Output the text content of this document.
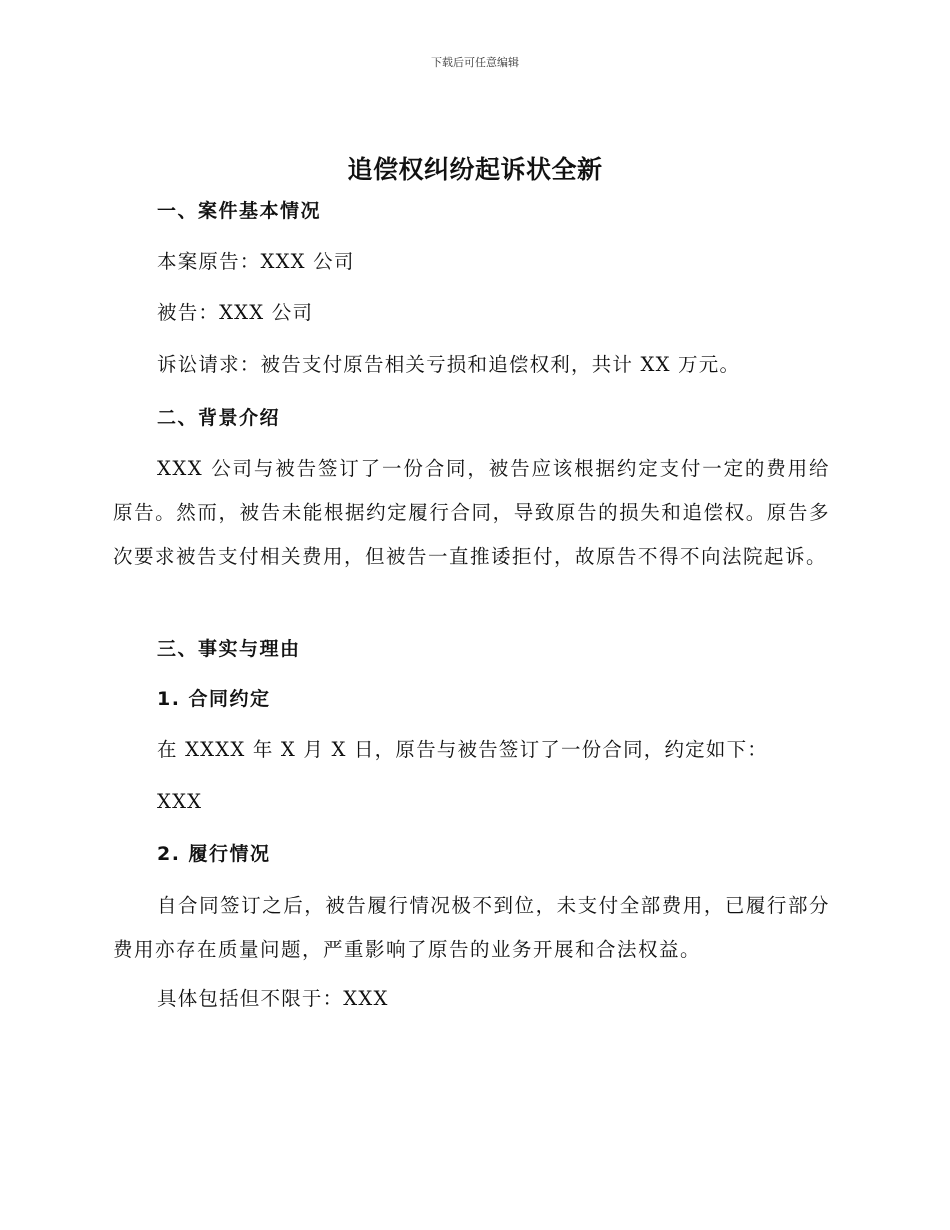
下载后可任意编辑
追偿权纠纷起诉状全新
一、案件基本情况
本案原告：XXX 公司
被告：XXX 公司
诉讼请求：被告支付原告相关亏损和追偿权利，共计 XX 万元。
二、背景介绍

XXX 公司与被告签订了一份合同，被告应该根据约定支付一定的费用给原告。然而，被告未能根据约定履行合同，导致原告的损失和追偿权。原告多次要求被告支付相关费用，但被告一直推诿拒付，故原告不得不向法院起诉。

三、事实与理由
1. 合同约定
在 XXXX 年 X 月 X 日，原告与被告签订了一份合同，约定如下：
XXX
2. 履行情况

自合同签订之后，被告履行情况极不到位，未支付全部费用，已履行部分费用亦存在质量问题，严重影响了原告的业务开展和合法权益。

具体包括但不限于：XXX
